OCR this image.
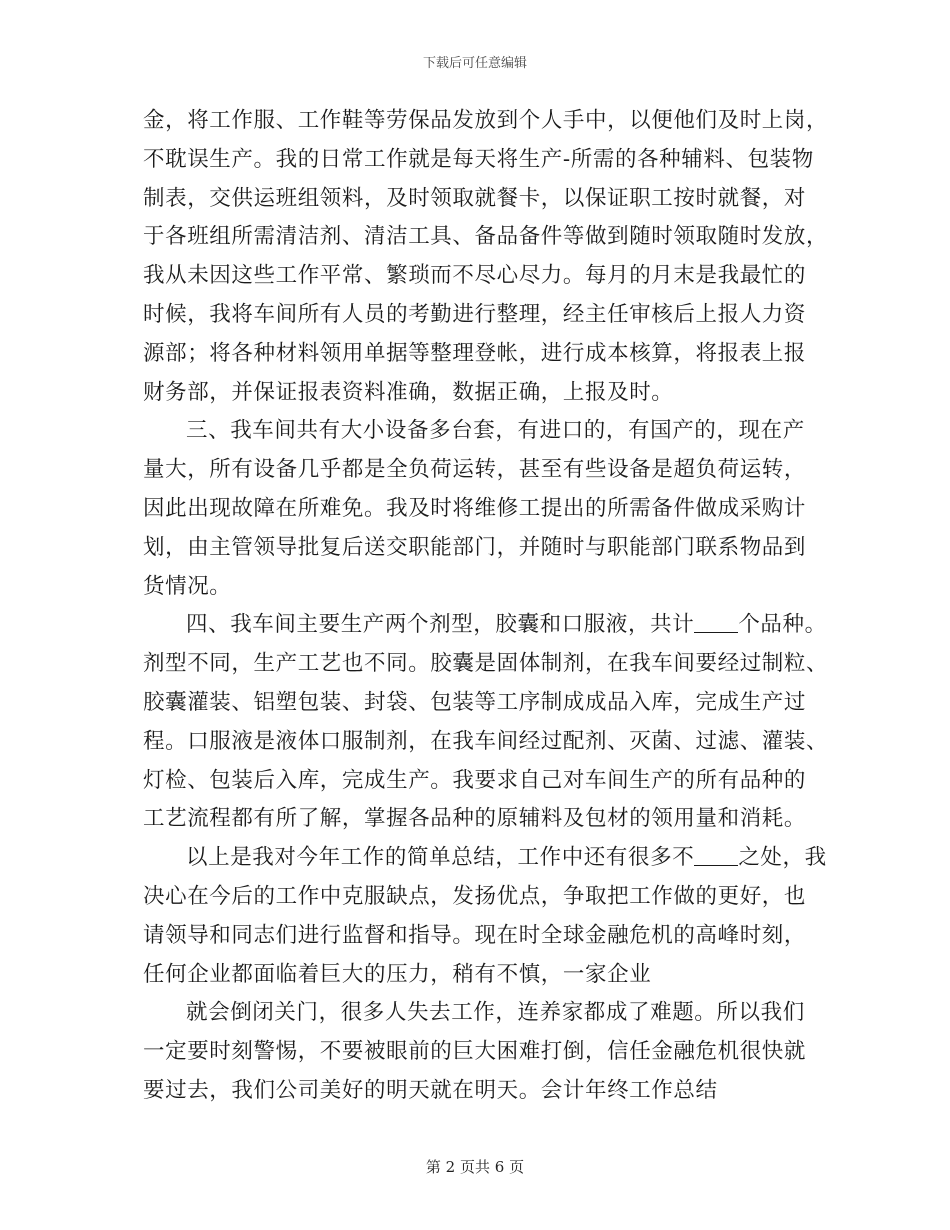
下载后可任意编辑
金，将工作服、工作鞋等劳保品发放到个人手中，以便他们及时上岗，
不耽误生产。我的日常工作就是每天将生产-所需的各种辅料、包装物
制表，交供运班组领料，及时领取就餐卡，以保证职工按时就餐，对
于各班组所需清洁剂、清洁工具、备品备件等做到随时领取随时发放，
我从未因这些工作平常、繁琐而不尽心尽力。每月的月末是我最忙的
时候，我将车间所有人员的考勤进行整理，经主任审核后上报人力资
源部；将各种材料领用单据等整理登帐，进行成本核算，将报表上报
财务部，并保证报表资料准确，数据正确，上报及时。
三、我车间共有大小设备多台套，有进口的，有国产的，现在产
量大，所有设备几乎都是全负荷运转，甚至有些设备是超负荷运转，
因此出现故障在所难免。我及时将维修工提出的所需备件做成采购计
划，由主管领导批复后送交职能部门，并随时与职能部门联系物品到
货情况。
四、我车间主要生产两个剂型，胶囊和口服液，共计 个品种。
剂型不同，生产工艺也不同。胶囊是固体制剂，在我车间要经过制粒、
胶囊灌装、铝塑包装、封袋、包装等工序制成成品入库，完成生产过
程。口服液是液体口服制剂，在我车间经过配剂、灭菌、过滤、灌装、
灯检、包装后入库，完成生产。我要求自己对车间生产的所有品种的
工艺流程都有所了解，掌握各品种的原辅料及包材的领用量和消耗。
以上是我对今年工作的简单总结，工作中还有很多不 之处，我
决心在今后的工作中克服缺点，发扬优点，争取把工作做的更好，也
请领导和同志们进行监督和指导。现在时全球金融危机的高峰时刻，
任何企业都面临着巨大的压力，稍有不慎，一家企业
就会倒闭关门，很多人失去工作，连养家都成了难题。所以我们
一定要时刻警惕，不要被眼前的巨大困难打倒，信任金融危机很快就
要过去，我们公司美好的明天就在明天。会计年终工作总结
第 2 页共 6 页
